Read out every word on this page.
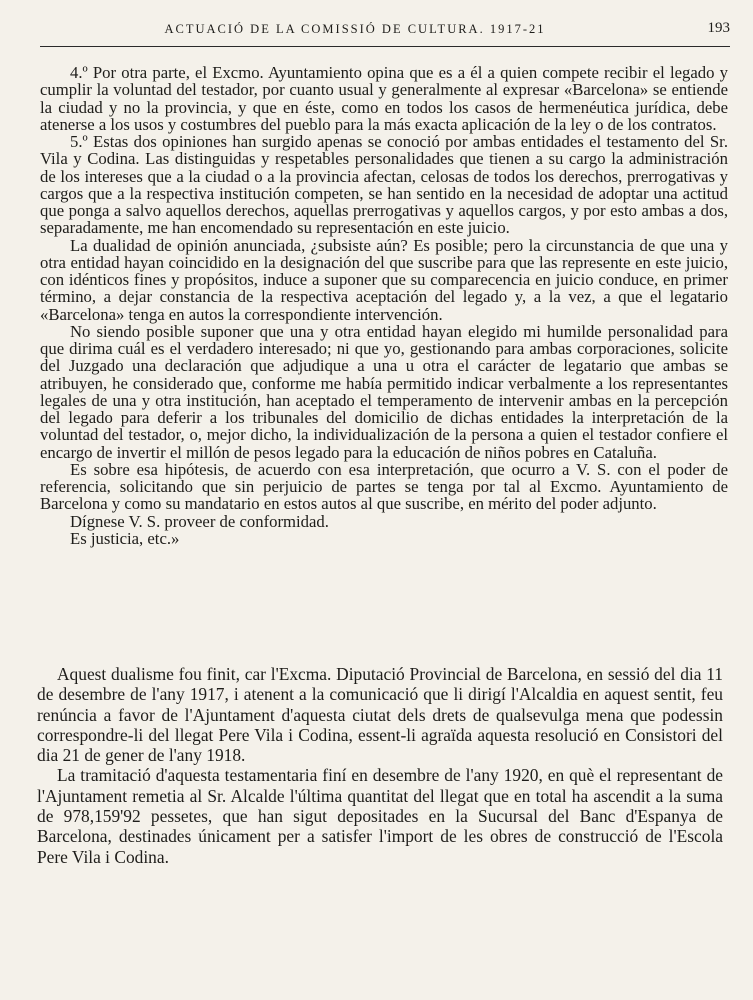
ACTUACIÓ DE LA COMISSIÓ DE CULTURA. 1917-21	193

4.º Por otra parte, el Excmo. Ayuntamiento opina que es a él a quien compete recibir el legado y cumplir la voluntad del testador, por cuanto usual y generalmente al expresar «Barcelona» se entiende la ciudad y no la provincia, y que en éste, como en todos los casos de hermenéutica jurídica, debe atenerse a los usos y costumbres del pueblo para la más exacta aplicación de la ley o de los contratos.

5.º Estas dos opiniones han surgido apenas se conoció por ambas entidades el testamento del Sr. Vila y Codina. Las distinguidas y respetables personalidades que tienen a su cargo la administración de los intereses que a la ciudad o a la provincia afectan, celosas de todos los derechos, prerrogativas y cargos que a la respectiva institución competen, se han sentido en la necesidad de adoptar una actitud que ponga a salvo aquellos derechos, aquellas prerrogativas y aquellos cargos, y por esto ambas a dos, separadamente, me han encomendado su representación en este juicio.

La dualidad de opinión anunciada, ¿subsiste aún? Es posible; pero la circunstancia de que una y otra entidad hayan coincidido en la designación del que suscribe para que las represente en este juicio, con idénticos fines y propósitos, induce a suponer que su comparecencia en juicio conduce, en primer término, a dejar constancia de la respectiva aceptación del legado y, a la vez, a que el legatario «Barcelona» tenga en autos la correspondiente intervención.

No siendo posible suponer que una y otra entidad hayan elegido mi humilde personalidad para que dirima cuál es el verdadero interesado; ni que yo, gestionando para ambas corporaciones, solicite del Juzgado una declaración que adjudique a una u otra el carácter de legatario que ambas se atribuyen, he considerado que, conforme me había permitido indicar verbalmente a los representantes legales de una y otra institución, han aceptado el temperamento de intervenir ambas en la percepción del legado para deferir a los tribunales del domicilio de dichas entidades la interpretación de la voluntad del testador, o, mejor dicho, la individualización de la persona a quien el testador confiere el encargo de invertir el millón de pesos legado para la educación de niños pobres en Cataluña.

Es sobre esa hipótesis, de acuerdo con esa interpretación, que ocurro a V. S. con el poder de referencia, solicitando que sin perjuicio de partes se tenga por tal al Excmo. Ayuntamiento de Barcelona y como su mandatario en estos autos al que suscribe, en mérito del poder adjunto.

Dígnese V. S. proveer de conformidad.

Es justicia, etc.»

Aquest dualisme fou finit, car l'Excma. Diputació Provincial de Barcelona, en sessió del dia 11 de desembre de l'any 1917, i atenent a la comunicació que li dirigí l'Alcaldia en aquest sentit, feu renúncia a favor de l'Ajuntament d'aquesta ciutat dels drets de qualsevulga mena que podessin correspondre-li del llegat Pere Vila i Codina, essent-li agraïda aquesta resolució en Consistori del dia 21 de gener de l'any 1918.

La tramitació d'aquesta testamentaria finí en desembre de l'any 1920, en què el representant de l'Ajuntament remetia al Sr. Alcalde l'última quantitat del llegat que en total ha ascendit a la suma de 978,159'92 pessetes, que han sigut depositades en la Sucursal del Banc d'Espanya de Barcelona, destinades únicament per a satisfer l'import de les obres de construcció de l'Escola Pere Vila i Codina.
